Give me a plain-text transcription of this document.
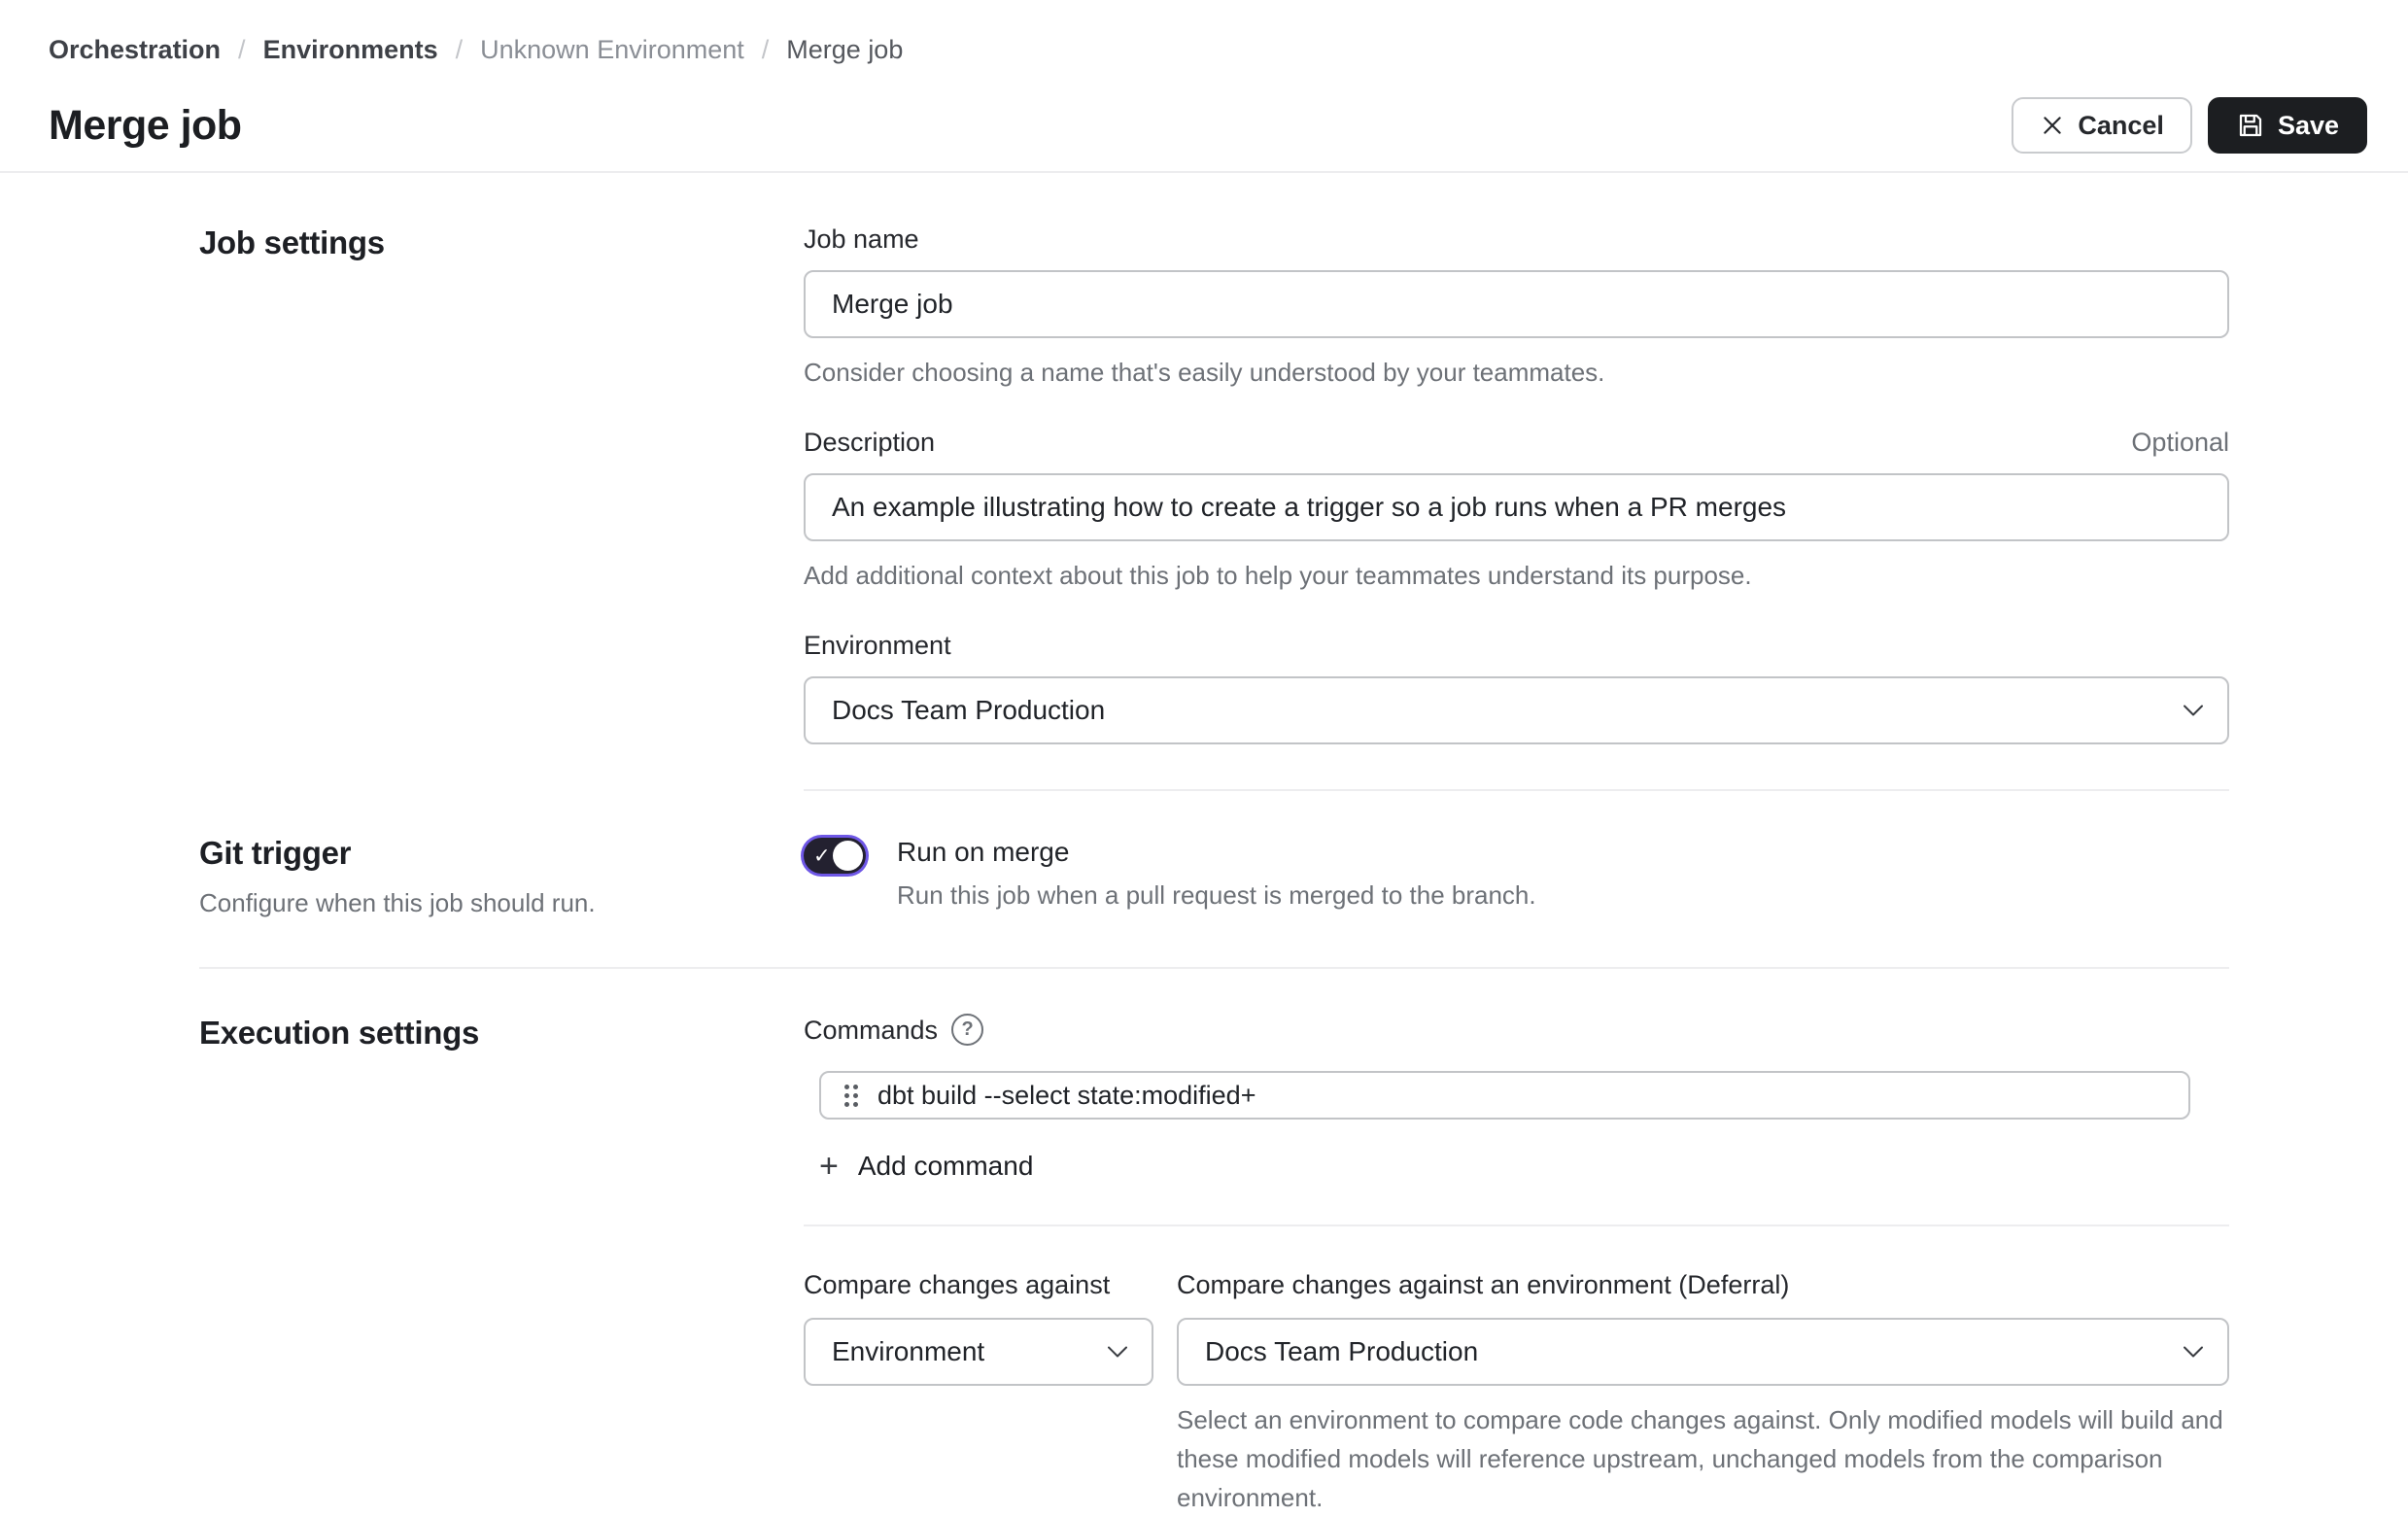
Orchestration / Environments / Unknown Environment / Merge job
Merge job	Cancel	Save
Job settings	Job name
Merge job
Consider choosing a name that's easily understood by your teammates.
Description	Optional
An example illustrating how to create a trigger so a job runs when a PR merges
Add additional context about this job to help your teammates understand its purpose.
Environment
Docs Team Production
Git trigger
Configure when this job should run.
✓ Run on merge
Run this job when a pull request is merged to the branch.
Execution settings	Commands	?
dbt build --select state:modified+
+ Add command
Compare changes against
Environment
Compare changes against an environment (Deferral)
Docs Team Production
Select an environment to compare code changes against. Only modified models will build and these modified models will reference upstream, unchanged models from the comparison environment.
